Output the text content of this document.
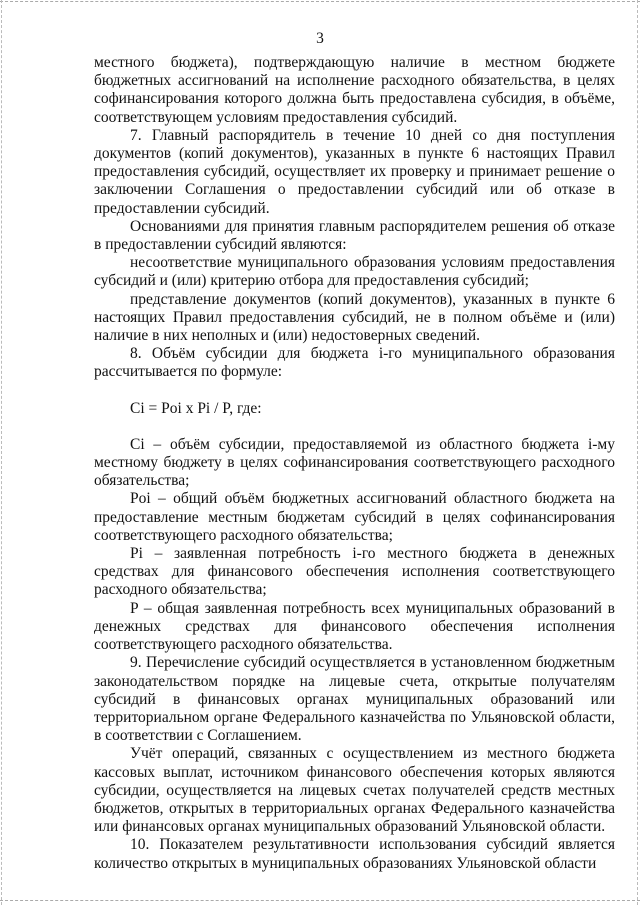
3

местного бюджета), подтверждающую наличие в местном бюджете бюджетных ассигнований на исполнение расходного обязательства, в целях софинансирования которого должна быть предоставлена субсидия, в объёме, соответствующем условиям предоставления субсидий.

7. Главный распорядитель в течение 10 дней со дня поступления документов (копий документов), указанных в пункте 6 настоящих Правил предоставления субсидий, осуществляет их проверку и принимает решение о заключении Соглашения о предоставлении субсидий или об отказе в предоставлении субсидий.

Основаниями для принятия главным распорядителем решения об отказе в предоставлении субсидий являются:

несоответствие муниципального образования условиям предоставления субсидий и (или) критерию отбора для предоставления субсидий;

представление документов (копий документов), указанных в пункте 6 настоящих Правил предоставления субсидий, не в полном объёме и (или) наличие в них неполных и (или) недостоверных сведений.

8. Объём субсидии для бюджета i-го муниципального образования рассчитывается по формуле:

Ci = Poi x Pi / P, где:

Ci – объём субсидии, предоставляемой из областного бюджета i-му местному бюджету в целях софинансирования соответствующего расходного обязательства;

Poi – общий объём бюджетных ассигнований областного бюджета на предоставление местным бюджетам субсидий в целях софинансирования соответствующего расходного обязательства;

Pi – заявленная потребность i-го местного бюджета в денежных средствах для финансового обеспечения исполнения соответствующего расходного обязательства;

P – общая заявленная потребность всех муниципальных образований в денежных средствах для финансового обеспечения исполнения соответствующего расходного обязательства.

9. Перечисление субсидий осуществляется в установленном бюджетным законодательством порядке на лицевые счета, открытые получателям субсидий в финансовых органах муниципальных образований или территориальном органе Федерального казначейства по Ульяновской области, в соответствии с Соглашением.

Учёт операций, связанных с осуществлением из местного бюджета кассовых выплат, источником финансового обеспечения которых являются субсидии, осуществляется на лицевых счетах получателей средств местных бюджетов, открытых в территориальных органах Федерального казначейства или финансовых органах муниципальных образований Ульяновской области.

10. Показателем результативности использования субсидий является количество открытых в муниципальных образованиях Ульяновской области
